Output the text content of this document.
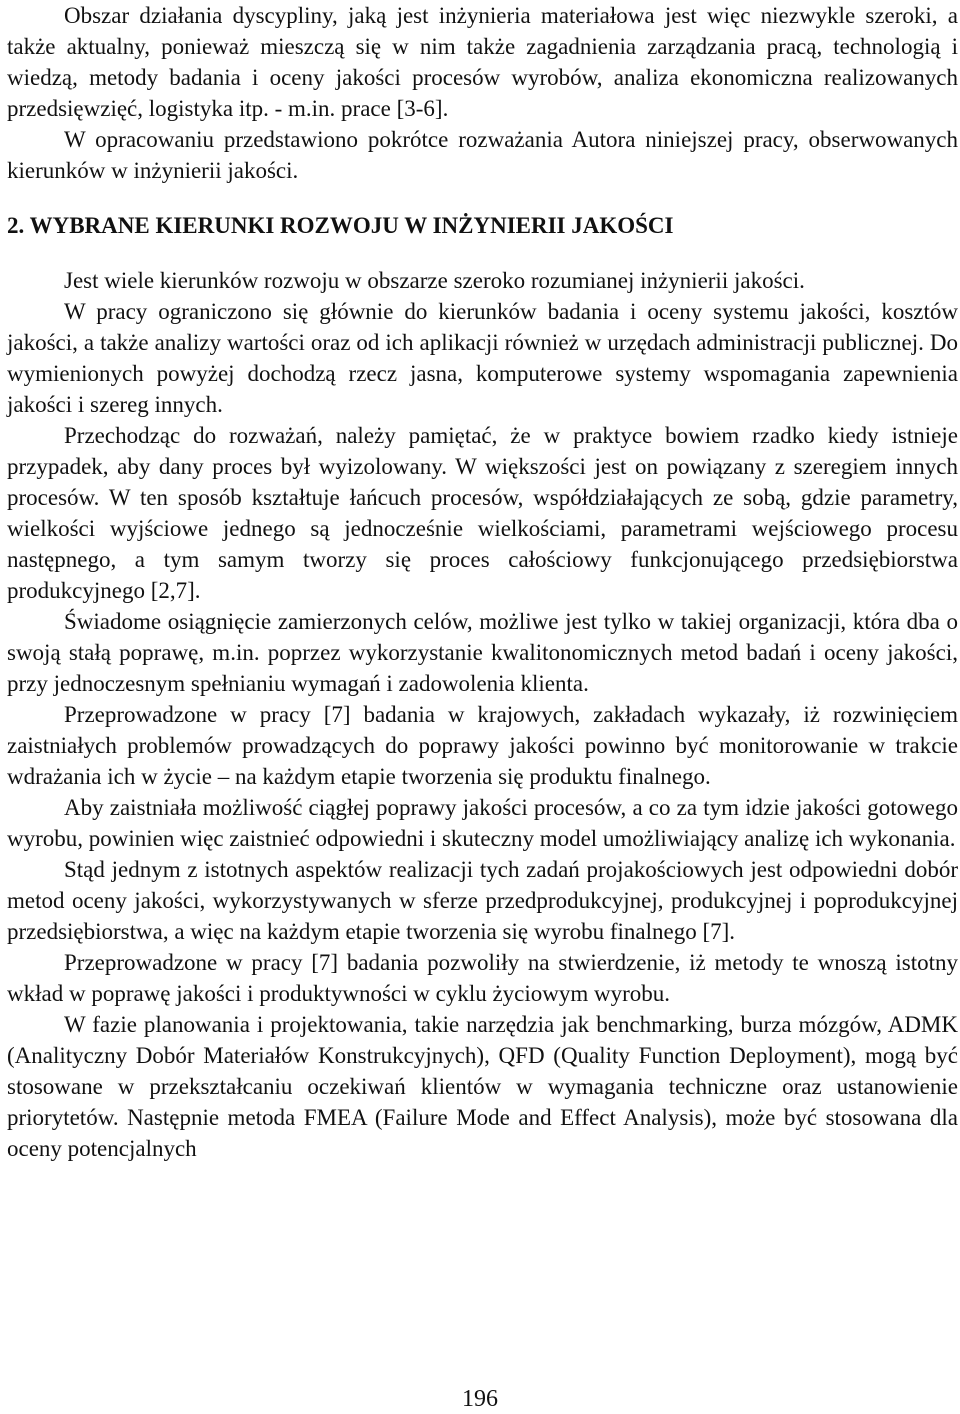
Obszar działania dyscypliny, jaką jest inżynieria materiałowa jest więc niezwykle szeroki, a także aktualny, ponieważ mieszczą się w nim także zagadnienia zarządzania pracą, technologią i wiedzą, metody badania i oceny jakości procesów wyrobów, analiza ekonomiczna realizowanych przedsięwzięć, logistyka itp. - m.in. prace [3-6].

W opracowaniu przedstawiono pokrótce rozważania Autora niniejszej pracy, obserwowanych kierunków w inżynierii jakości.

2. WYBRANE KIERUNKI ROZWOJU W INŻYNIERII JAKOŚCI

Jest wiele kierunków rozwoju w obszarze szeroko rozumianej inżynierii jakości.

W pracy ograniczono się głównie do kierunków badania i oceny systemu jakości, kosztów jakości, a także analizy wartości oraz od ich aplikacji również w urzędach administracji publicznej. Do wymienionych powyżej dochodzą rzecz jasna, komputerowe systemy wspomagania zapewnienia jakości i szereg innych.

Przechodząc do rozważań, należy pamiętać, że w praktyce bowiem rzadko kiedy istnieje przypadek, aby dany proces był wyizolowany. W większości jest on powiązany z szeregiem innych procesów. W ten sposób kształtuje łańcuch procesów, współdziałających ze sobą, gdzie parametry, wielkości wyjściowe jednego są jednocześnie wielkościami, parametrami wejściowego procesu następnego, a tym samym tworzy się proces całościowy funkcjonującego przedsiębiorstwa produkcyjnego [2,7].

Świadome osiągnięcie zamierzonych celów, możliwe jest tylko w takiej organizacji, która dba o swoją stałą poprawę, m.in. poprzez wykorzystanie kwalitonomicznych metod badań i oceny jakości, przy jednoczesnym spełnianiu wymagań i zadowolenia klienta.

Przeprowadzone w pracy [7] badania w krajowych, zakładach wykazały, iż rozwinięciem zaistniałych problemów prowadzących do poprawy jakości powinno być monitorowanie w trakcie wdrażania ich w życie – na każdym etapie tworzenia się produktu finalnego.

Aby zaistniała możliwość ciągłej poprawy jakości procesów, a co za tym idzie jakości gotowego wyrobu, powinien więc zaistnieć odpowiedni i skuteczny model umożliwiający analizę ich wykonania.

Stąd jednym z istotnych aspektów realizacji tych zadań projakościowych jest odpowiedni dobór metod oceny jakości, wykorzystywanych w sferze przedprodukcyjnej, produkcyjnej i poprodukcyjnej przedsiębiorstwa, a więc na każdym etapie tworzenia się wyrobu finalnego [7].

Przeprowadzone w pracy [7] badania pozwoliły na stwierdzenie, iż metody te wnoszą istotny wkład w poprawę jakości i produktywności w cyklu życiowym wyrobu.

W fazie planowania i projektowania, takie narzędzia jak benchmarking, burza mózgów, ADMK (Analityczny Dobór Materiałów Konstrukcyjnych), QFD (Quality Function Deployment), mogą być stosowane w przekształcaniu oczekiwań klientów w wymagania techniczne oraz ustanowienie priorytetów. Następnie metoda FMEA (Failure Mode and Effect Analysis), może być stosowana dla oceny potencjalnych

196
